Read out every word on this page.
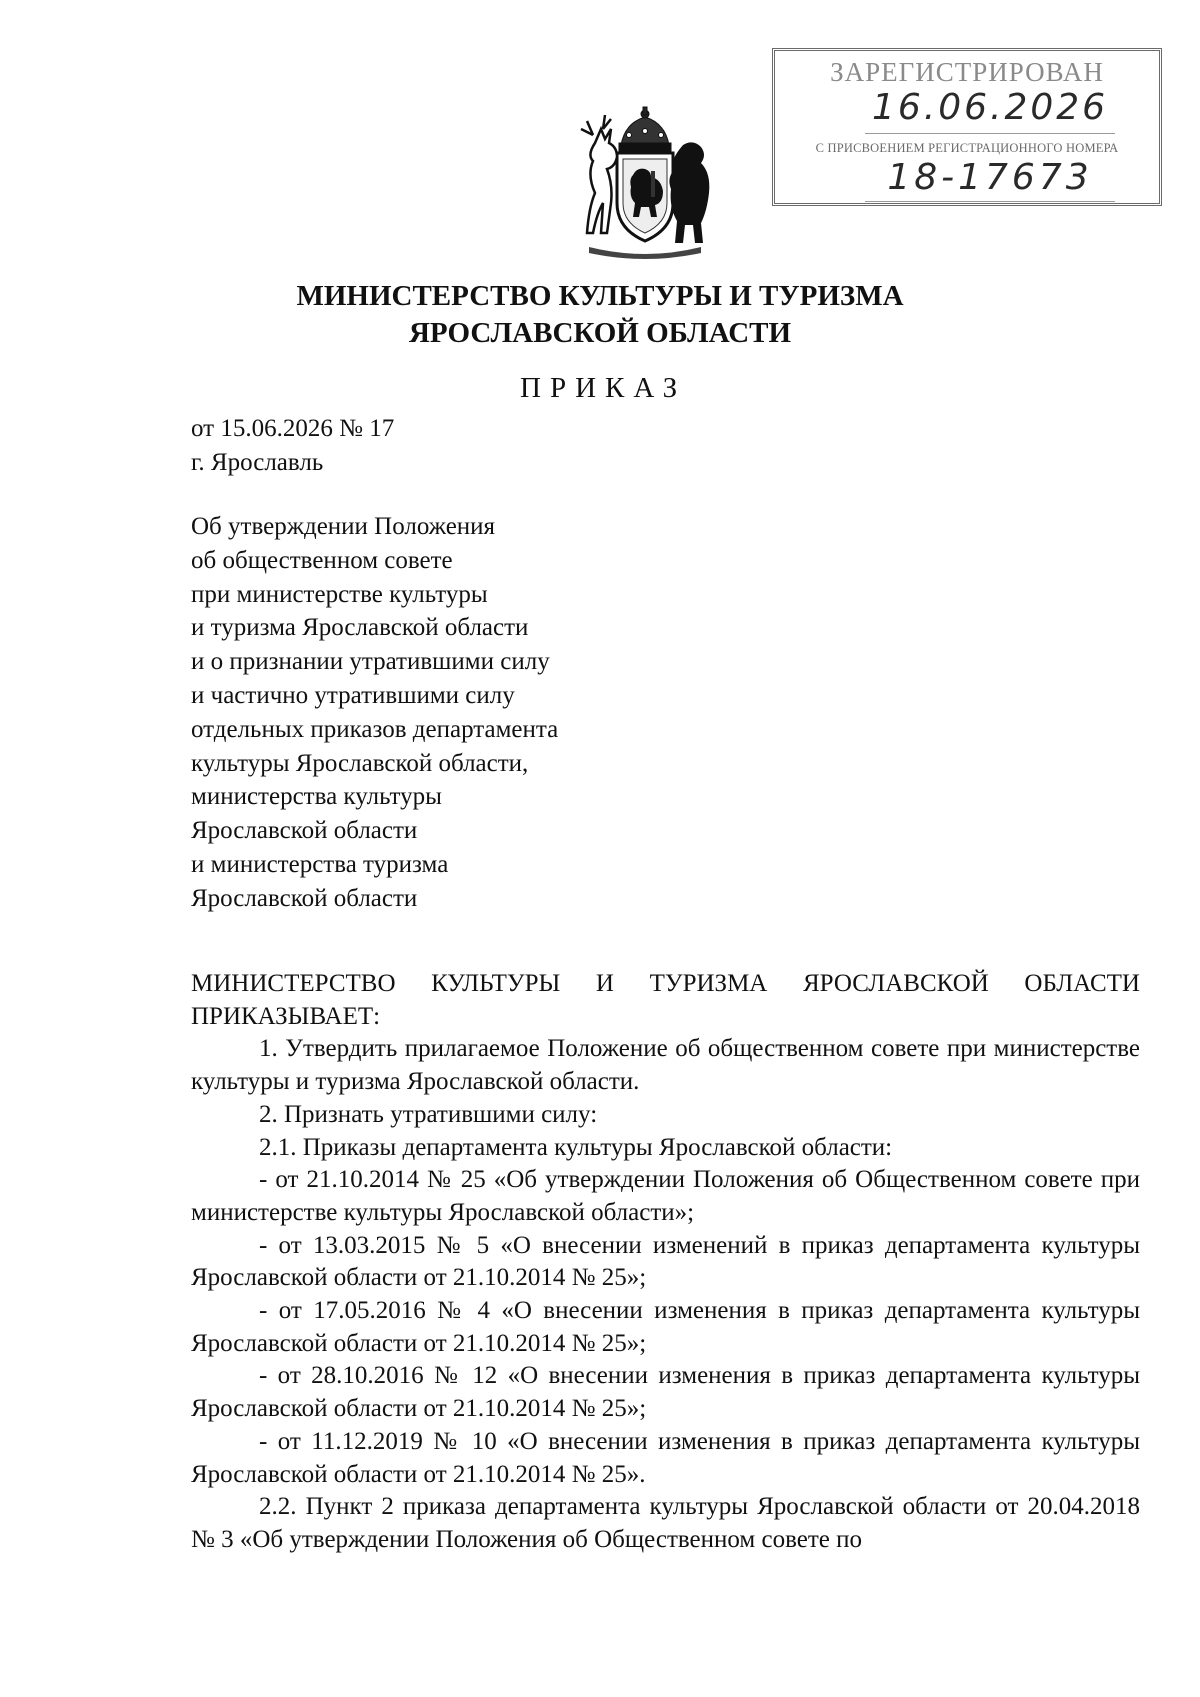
ЗАРЕГИСТРИРОВАН
16.06.2026
С ПРИСВОЕНИЕМ РЕГИСТРАЦИОННОГО НОМЕРА
18-17673
МИНИСТЕРСТВО КУЛЬТУРЫ И ТУРИЗМА
ЯРОСЛАВСКОЙ ОБЛАСТИ
ПРИКАЗ
от 15.06.2026 № 17
г. Ярославль
Об утверждении Положения
об общественном совете
при министерстве культуры
и туризма Ярославской области
и о признании утратившими силу
и частично утратившими силу
отдельных приказов департамента
культуры Ярославской области,
министерства культуры
Ярославской области
и министерства туризма
Ярославской области

МИНИСТЕРСТВО КУЛЬТУРЫ И ТУРИЗМА ЯРОСЛАВСКОЙ ОБЛАСТИ ПРИКАЗЫВАЕТ:

1. Утвердить прилагаемое Положение об общественном совете при министерстве культуры и туризма Ярославской области.

2. Признать утратившими силу:

2.1. Приказы департамента культуры Ярославской области:

- от 21.10.2014 № 25 «Об утверждении Положения об Общественном совете при министерстве культуры Ярославской области»;

- от 13.03.2015 № 5 «О внесении изменений в приказ департамента культуры Ярославской области от 21.10.2014 № 25»;

- от 17.05.2016 № 4 «О внесении изменения в приказ департамента культуры Ярославской области от 21.10.2014 № 25»;

- от 28.10.2016 № 12 «О внесении изменения в приказ департамента культуры Ярославской области от 21.10.2014 № 25»;

- от 11.12.2019 № 10 «О внесении изменения в приказ департамента культуры Ярославской области от 21.10.2014 № 25».

2.2. Пункт 2 приказа департамента культуры Ярославской области от 20.04.2018 № 3 «Об утверждении Положения об Общественном совете по
